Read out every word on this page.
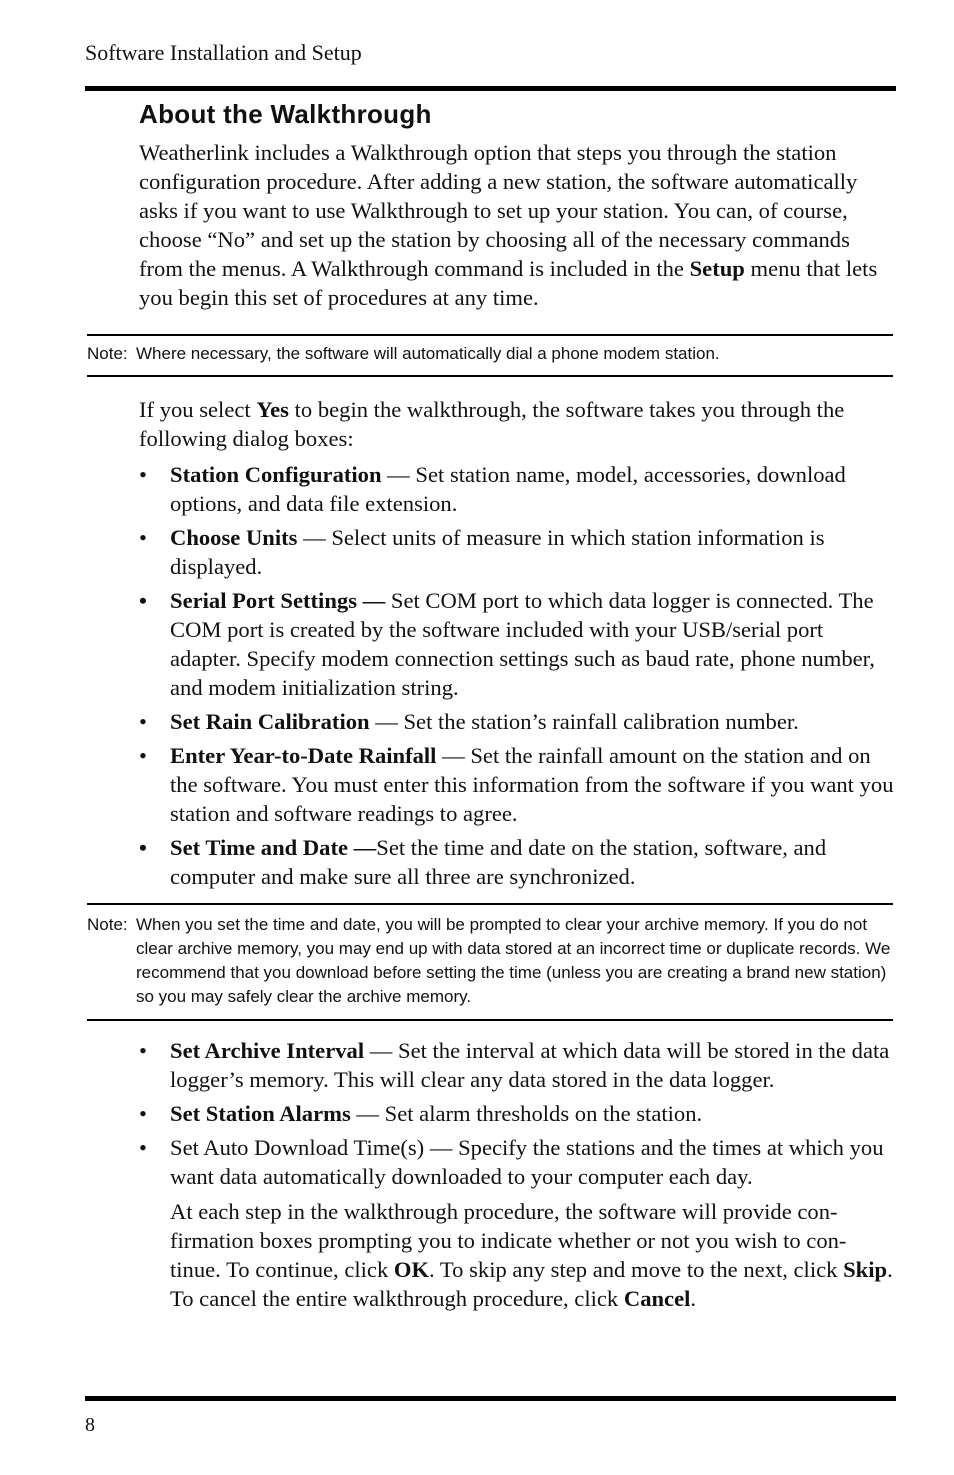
Software Installation and Setup
About the Walkthrough

Weatherlink includes a Walkthrough option that steps you through the station configuration procedure. After adding a new station, the software automatically asks if you want to use Walkthrough to set up your station. You can, of course, choose “No” and set up the station by choosing all of the necessary commands from the menus. A Walkthrough command is included in the Setup menu that lets you begin this set of procedures at any time.

Note: Where necessary, the software will automatically dial a phone modem station.

If you select Yes to begin the walkthrough, the software takes you through the following dialog boxes:

• Station Configuration — Set station name, model, accessories, download options, and data file extension.
• Choose Units — Select units of measure in which station information is displayed.
• Serial Port Settings — Set COM port to which data logger is connected. The COM port is created by the software included with your USB/serial port adapter. Specify modem connection settings such as baud rate, phone number, and modem initialization string.
• Set Rain Calibration — Set the station’s rainfall calibration number.
• Enter Year-to-Date Rainfall — Set the rainfall amount on the station and on the software. You must enter this information from the software if you want you station and software readings to agree.
• Set Time and Date —Set the time and date on the station, software, and computer and make sure all three are synchronized.
Note: When you set the time and date, you will be prompted to clear your archive memory. If you do not clear archive memory, you may end up with data stored at an incorrect time or duplicate records. We recommend that you download before setting the time (unless you are creating a brand new station) so you may safely clear the archive memory.
• Set Archive Interval — Set the interval at which data will be stored in the data logger’s memory. This will clear any data stored in the data logger.
• Set Station Alarms — Set alarm thresholds on the station.
• Set Auto Download Time(s) — Specify the stations and the times at which you want data automatically downloaded to your computer each day.

At each step in the walkthrough procedure, the software will provide con-firmation boxes prompting you to indicate whether or not you wish to con-tinue. To continue, click OK. To skip any step and move to the next, click Skip. To cancel the entire walkthrough procedure, click Cancel.

8
